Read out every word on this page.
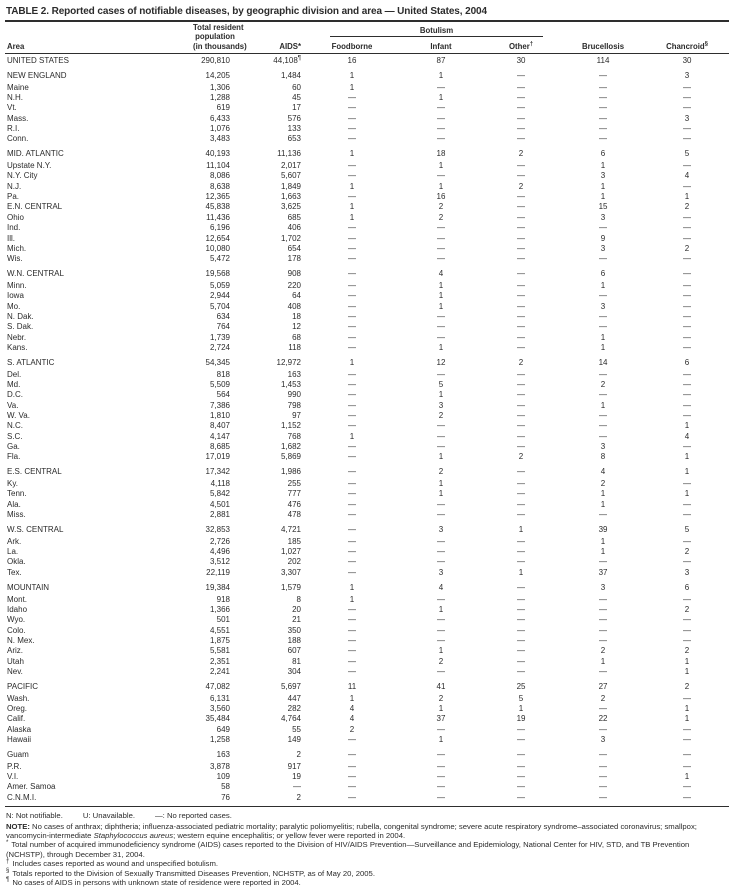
TABLE 2. Reported cases of notifiable diseases, by geographic division and area — United States, 2004
Area	Total resident
population
(in thousands)	AIDS*	Botulism			Brucellosis	Chancroid§
			Foodborne	Infant	Other†
UNITED STATES	290,810	44,108¶	16	87	30	114	30
NEW ENGLAND	14,205	1,484	1	1	—	—	3
Maine	1,306	60	1	—	—	—	—
N.H.	1,288	45	—	1	—	—	—
Vt.	619	17	—	—	—	—	—
Mass.	6,433	576	—	—	—	—	3
R.I.	1,076	133	—	—	—	—	—
Conn.	3,483	653	—	—	—	—	—
MID. ATLANTIC	40,193	11,136	1	18	2	6	5
Upstate N.Y.	11,104	2,017	—	1	—	1	—
N.Y. City	8,086	5,607	—	—	—	3	4
N.J.	8,638	1,849	1	1	2	1	—
Pa.	12,365	1,663	—	16	—	1	1
E.N. CENTRAL	45,838	3,625	1	2	—	15	2
Ohio	11,436	685	1	2	—	3	—
Ind.	6,196	406	—	—	—	—	—
Ill.	12,654	1,702	—	—	—	9	—
Mich.	10,080	654	—	—	—	3	2
Wis.	5,472	178	—	—	—	—	—
W.N. CENTRAL	19,568	908	—	4	—	6	—
Minn.	5,059	220	—	1	—	1	—
Iowa	2,944	64	—	1	—	—	—
Mo.	5,704	408	—	1	—	3	—
N. Dak.	634	18	—	—	—	—	—
S. Dak.	764	12	—	—	—	—	—
Nebr.	1,739	68	—	—	—	1	—
Kans.	2,724	118	—	1	—	1	—
S. ATLANTIC	54,345	12,972	1	12	2	14	6
Del.	818	163	—	—	—	—	—
Md.	5,509	1,453	—	5	—	2	—
D.C.	564	990	—	1	—	—	—
Va.	7,386	798	—	3	—	1	—
W. Va.	1,810	97	—	2	—	—	—
N.C.	8,407	1,152	—	—	—	—	1
S.C.	4,147	768	1	—	—	—	4
Ga.	8,685	1,682	—	—	—	3	—
Fla.	17,019	5,869	—	1	2	8	1
E.S. CENTRAL	17,342	1,986	—	2	—	4	1
Ky.	4,118	255	—	1	—	2	—
Tenn.	5,842	777	—	1	—	1	1
Ala.	4,501	476	—	—	—	1	—
Miss.	2,881	478	—	—	—	—	—
W.S. CENTRAL	32,853	4,721	—	3	1	39	5
Ark.	2,726	185	—	—	—	1	—
La.	4,496	1,027	—	—	—	1	2
Okla.	3,512	202	—	—	—	—	—
Tex.	22,119	3,307	—	3	1	37	3
MOUNTAIN	19,384	1,579	1	4	—	3	6
Mont.	918	8	1	—	—	—	—
Idaho	1,366	20	—	1	—	—	2
Wyo.	501	21	—	—	—	—	—
Colo.	4,551	350	—	—	—	—	—
N. Mex.	1,875	188	—	—	—	—	—
Ariz.	5,581	607	—	1	—	2	2
Utah	2,351	81	—	2	—	1	1
Nev.	2,241	304	—	—	—	—	1
PACIFIC	47,082	5,697	11	41	25	27	2
Wash.	6,131	447	1	2	5	2	—
Oreg.	3,560	282	4	1	1	—	1
Calif.	35,484	4,764	4	37	19	22	1
Alaska	649	55	2	—	—	—	—
Hawaii	1,258	149	—	1	—	3	—
Guam	163	2	—	—	—	—	—
P.R.	3,878	917	—	—	—	—	—
V.I.	109	19	—	—	—	—	1
Amer. Samoa	58	—	—	—	—	—	—
C.N.M.I.	76	2	—	—	—	—	—
N: Not notifiable.	U: Unavailable.	—: No reported cases.
NOTE: No cases of anthrax; diphtheria; influenza-associated pediatric mortality; paralytic poliomyelitis; rubella, congenital syndrome; severe acute respiratory syndrome–associated coronavirus; smallpox; vancomycin-intermediate Staphylococcus aureus; western equine encephalitis; or yellow fever were reported in 2004.
* Total number of acquired immunodeficiency syndrome (AIDS) cases reported to the Division of HIV/AIDS Prevention—Surveillance and Epidemiology, National Center for HIV, STD, and TB Prevention (NCHSTP), through December 31, 2004.
† Includes cases reported as wound and unspecified botulism.
§ Totals reported to the Division of Sexually Transmitted Diseases Prevention, NCHSTP, as of May 20, 2005.
¶ No cases of AIDS in persons with unknown state of residence were reported in 2004.
